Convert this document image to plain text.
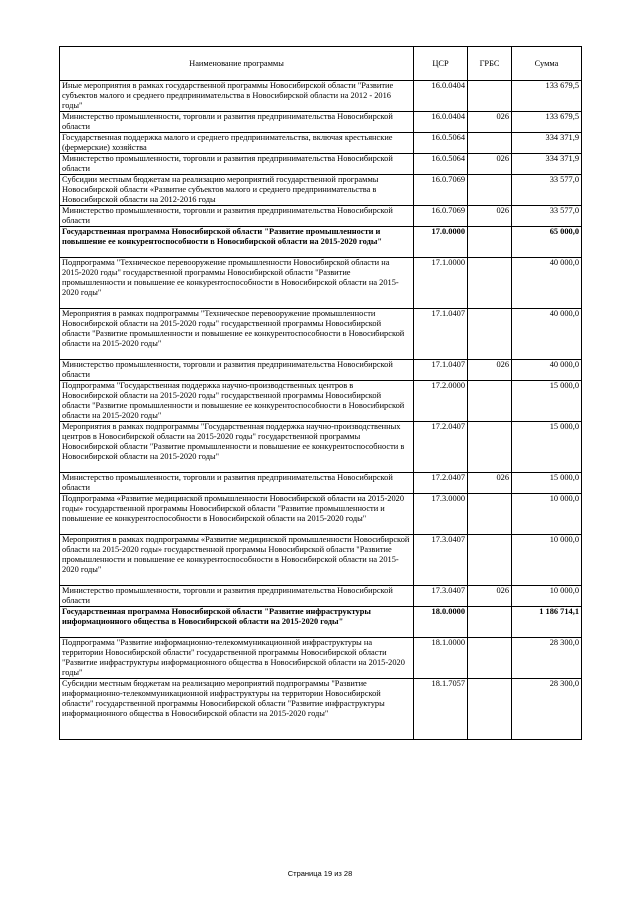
Наименование программы	ЦСР	ГРБС	Сумма
Иные мероприятия в рамках государственной программы Новосибирской области "Развитие субъектов малого и среднего предпринимательства в Новосибирской области на 2012 - 2016 годы"	16.0.0404		133 679,5
Министерство промышленности, торговли и развития предпринимательства Новосибирской области	16.0.0404	026	133 679,5
Государственная поддержка малого и среднего предпринимательства, включая крестьянские (фермерские) хозяйства	16.0.5064		334 371,9
Министерство промышленности, торговли и развития предпринимательства Новосибирской области	16.0.5064	026	334 371,9
Субсидии местным бюджетам на реализацию мероприятий государственной программы Новосибирской области «Развитие субъектов малого и среднего предпринимательства в Новосибирской области на 2012-2016 годы	16.0.7069		33 577,0
Министерство промышленности, торговли и развития предпринимательства Новосибирской области	16.0.7069	026	33 577,0
Государственная программа Новосибирской области "Развитие промышленности и повышение ее конкурентоспособности в Новосибирской области на 2015-2020 годы"	17.0.0000		65 000,0
Подпрограмма "Техническое перевооружение промышленности Новосибирской области на 2015-2020 годы" государственной программы Новосибирской области "Развитие промышленности и повышение ее конкурентоспособности в Новосибирской области на 2015-2020 годы"	17.1.0000		40 000,0
Мероприятия в рамках подпрограммы "Техническое перевооружение промышленности Новосибирской области на 2015-2020 годы" государственной программы Новосибирской области "Развитие промышленности и повышение ее конкурентоспособности в Новосибирской области на 2015-2020 годы"	17.1.0407		40 000,0
Министерство промышленности, торговли и развития предпринимательства Новосибирской области	17.1.0407	026	40 000,0
Подпрограмма "Государственная поддержка научно-производственных центров в Новосибирской области на 2015-2020 годы" государственной программы Новосибирской области "Развитие промышленности и повышение ее конкурентоспособности в Новосибирской области на 2015-2020 годы"	17.2.0000		15 000,0
Мероприятия в рамках подпрограммы "Государственная поддержка научно-производственных центров в Новосибирской области на 2015-2020 годы" государственной программы Новосибирской области "Развитие промышленности и повышение ее конкурентоспособности в Новосибирской области на 2015-2020 годы"	17.2.0407		15 000,0
Министерство промышленности, торговли и развития предпринимательства Новосибирской области	17.2.0407	026	15 000,0
Подпрограмма «Развитие медицинской промышленности Новосибирской области на 2015-2020 годы» государственной программы Новосибирской области "Развитие промышленности и повышение ее конкурентоспособности в Новосибирской области на 2015-2020 годы"	17.3.0000		10 000,0
Мероприятия в рамках подпрограммы «Развитие медицинской промышленности Новосибирской области на 2015-2020 годы» государственной программы Новосибирской области "Развитие промышленности и повышение ее конкурентоспособности в Новосибирской области на 2015-2020 годы"	17.3.0407		10 000,0
Министерство промышленности, торговли и развития предпринимательства Новосибирской области	17.3.0407	026	10 000,0
Государственная программа Новосибирской области "Развитие инфраструктуры информационного общества в Новосибирской области на 2015-2020 годы"	18.0.0000		1 186 714,1
Подпрограмма "Развитие информационно-телекоммуникационной инфраструктуры на территории Новосибирской области" государственной программы Новосибирской области "Развитие инфраструктуры информационного общества в Новосибирской области на 2015-2020 годы"	18.1.0000		28 300,0
Субсидии местным бюджетам на реализацию мероприятий подпрограммы "Развитие информационно-телекоммуникационной инфраструктуры на территории Новосибирской области" государственной программы Новосибирской области "Развитие инфраструктуры информационного общества в Новосибирской области на 2015-2020 годы"	18.1.7057		28 300,0
Страница 19 из 28
